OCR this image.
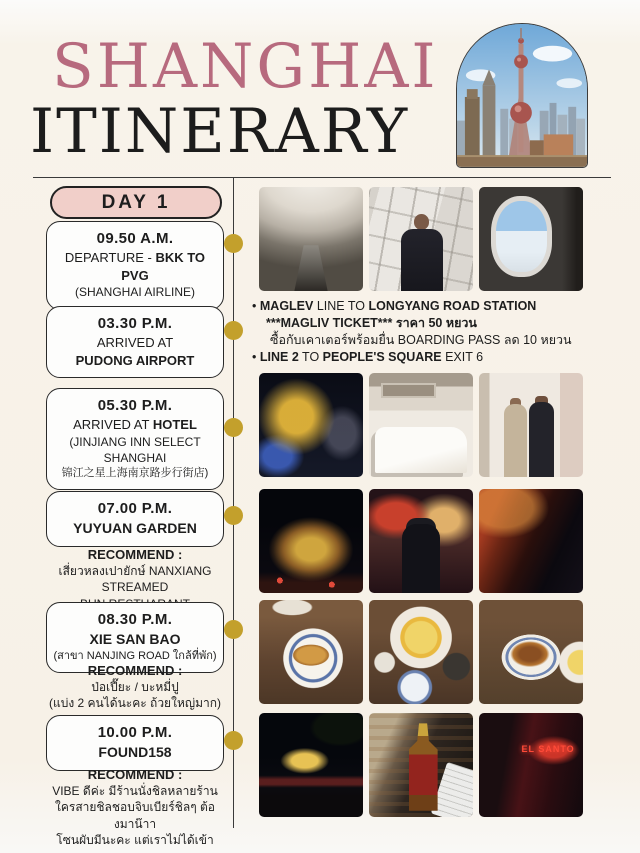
SHANGHAI
ITINERARY
DAY 1
09.50 A.M.
DEPARTURE - BKK TO PVG
(SHANGHAI AIRLINE)
03.30 P.M.
ARRIVED AT
PUDONG AIRPORT
05.30 P.M.
ARRIVED AT HOTEL
(JINJIANG INN SELECT
SHANGHAI
锦江之星上海南京路步行街店)
07.00 P.M.
YUYUAN GARDEN
RECOMMEND :
เสี่ยวหลงเปายักษ์ NANXIANG STREAMED
08.30 P.M.
XIE SAN BAO
(สาขา NANJING ROAD ใกล้ที่พัก)
RECOMMEND :
ป่อเปี๊ยะ / บะหมี่ปู
(แบ่ง 2 คนได้นะคะ ถ้วยใหญ่มาก)
10.00 P.M.
FOUND158
RECOMMEND :
VIBE ดีค่ะ มีร้านนั่งชิลหลายร้าน
ใครสายชิลชอบจิบเบียร์ชิลๆ ต้องมาน๊าา
โซนผับมีนะคะ แต่เราไม่ได้เข้า
• MAGLEV LINE TO LONGYANG ROAD STATION
***MAGLIV TICKET*** ราคา 50 หยวน
ซื้อกับเคาเตอร์พร้อมยื่น BOARDING PASS ลด 10 หยวน
• LINE 2 TO PEOPLE'S SQUARE EXIT 6
EL SANTO
